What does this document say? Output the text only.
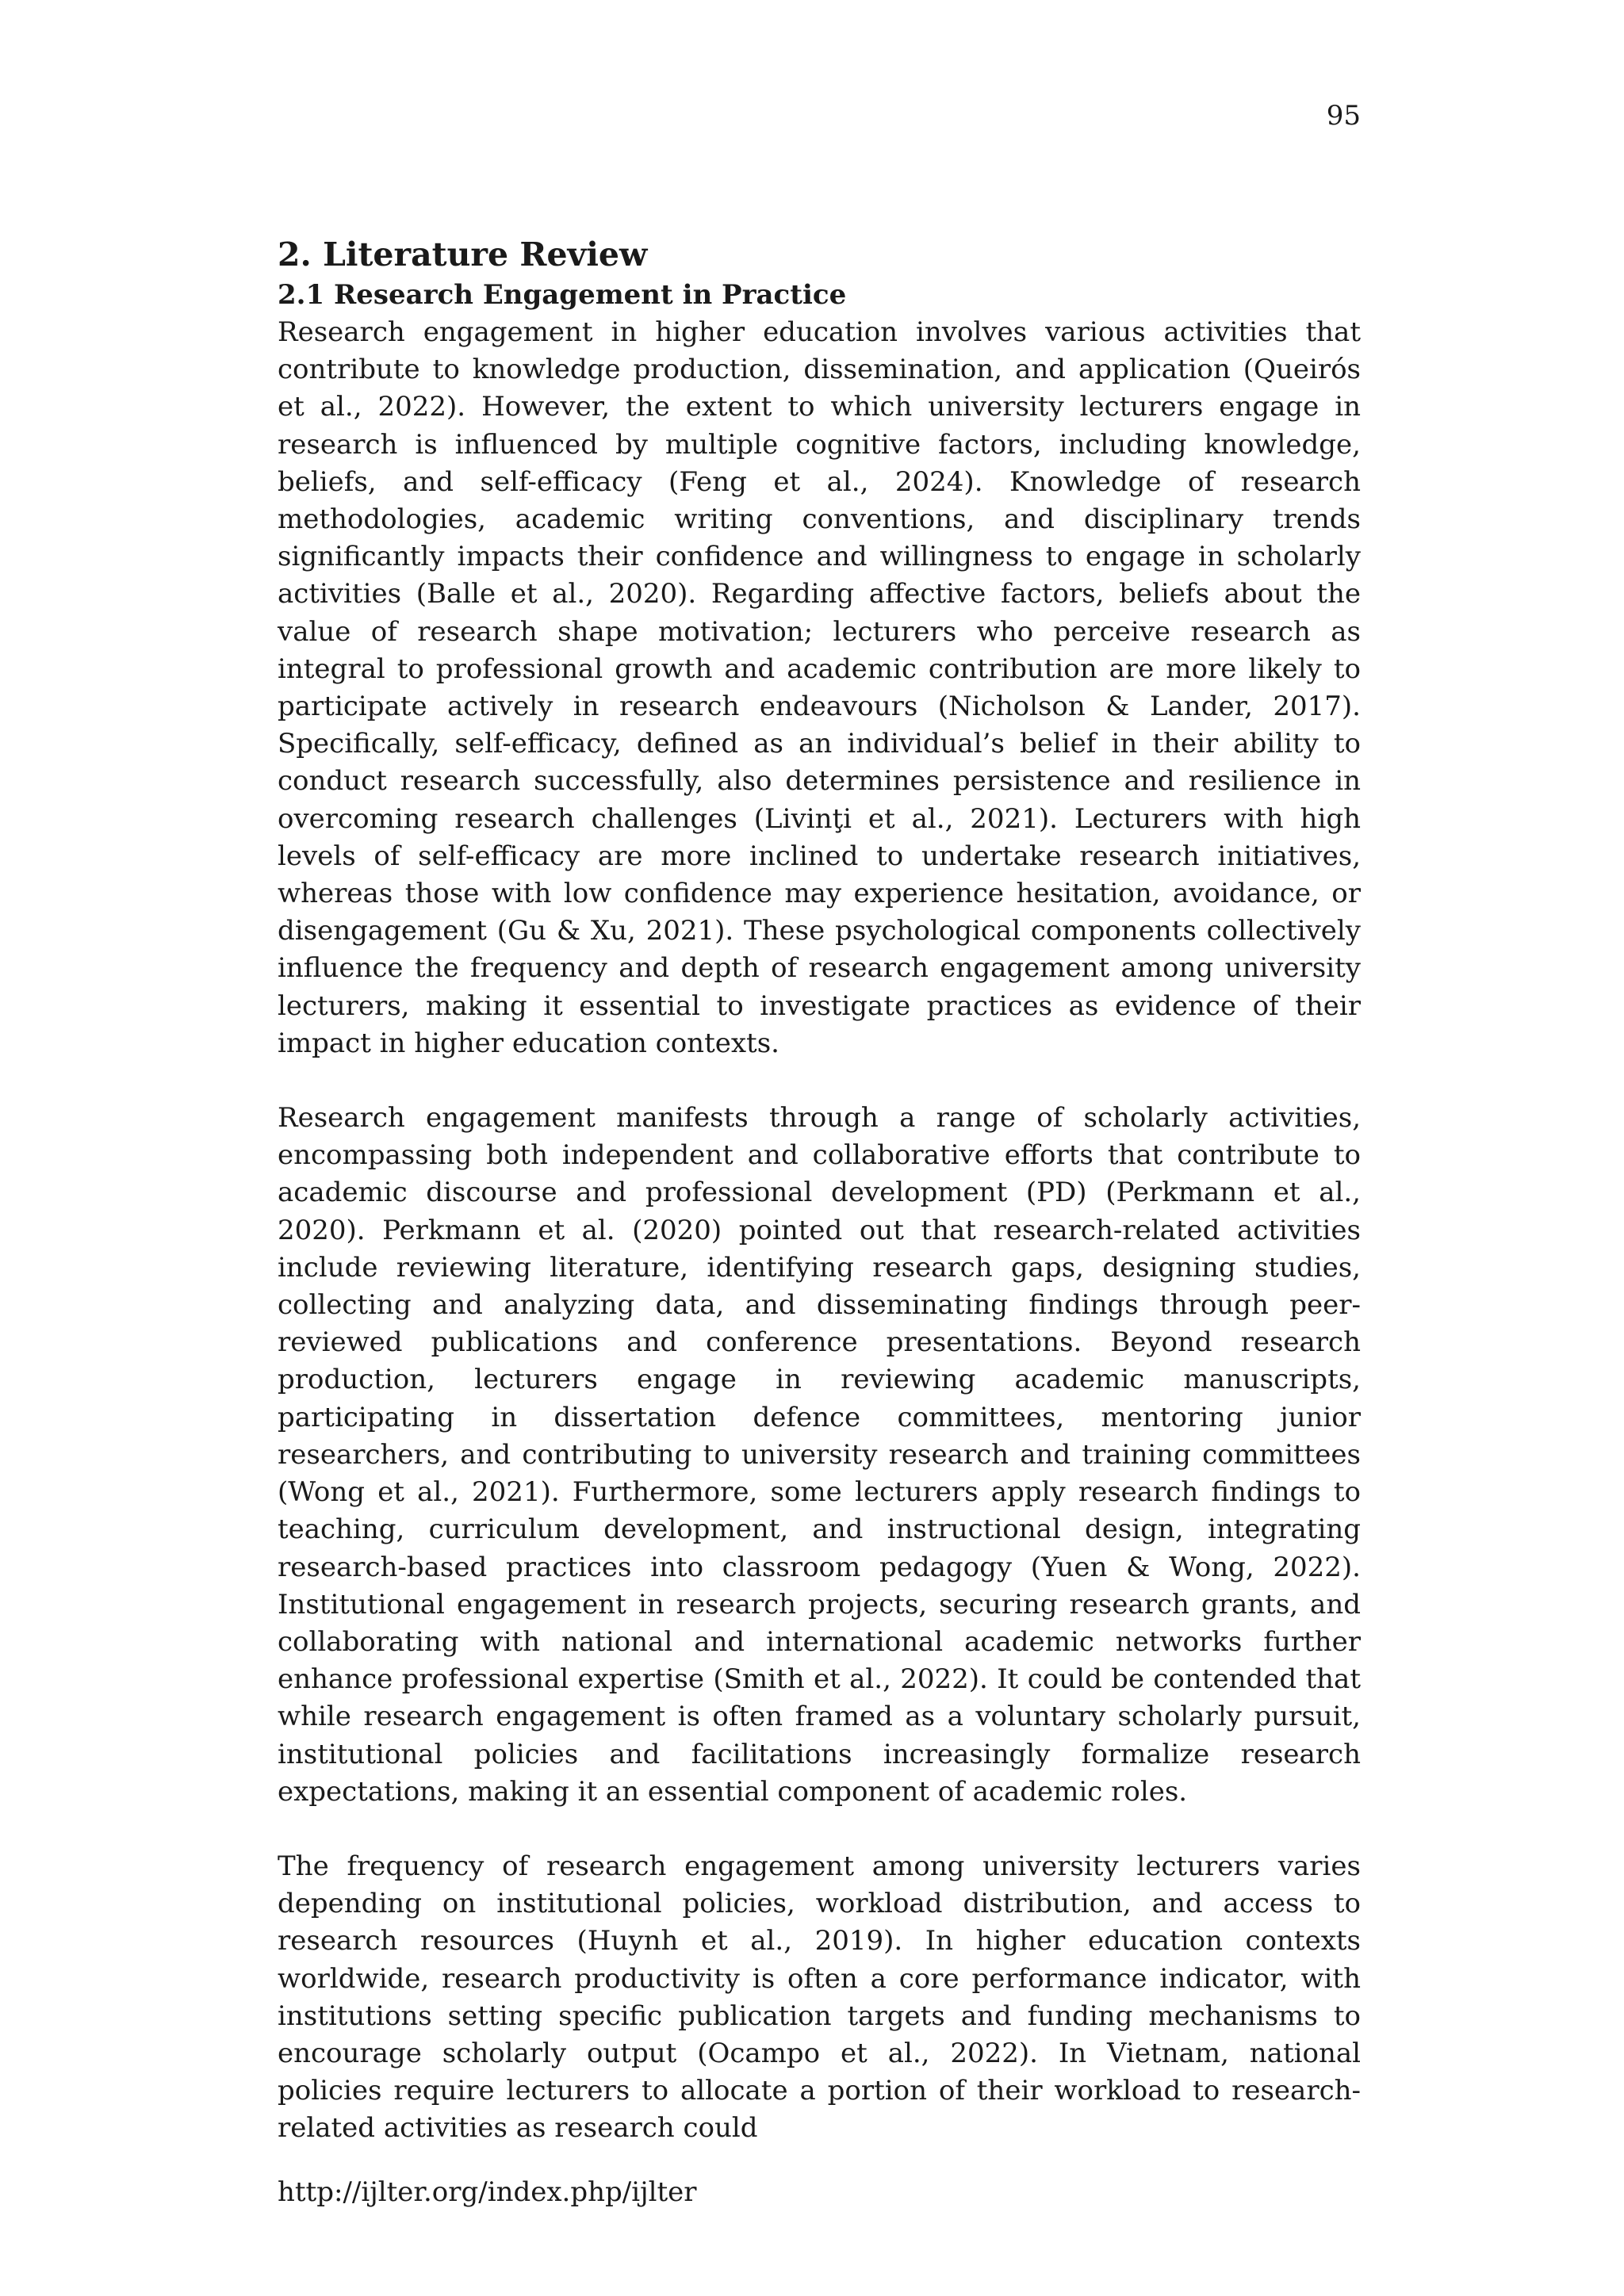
95
2. Literature Review
2.1 Research Engagement in Practice

Research engagement in higher education involves various activities that contribute to knowledge production, dissemination, and application (Queirós et al., 2022). However, the extent to which university lecturers engage in research is influenced by multiple cognitive factors, including knowledge, beliefs, and self-efficacy (Feng et al., 2024). Knowledge of research methodologies, academic writing conventions, and disciplinary trends significantly impacts their confidence and willingness to engage in scholarly activities (Balle et al., 2020). Regarding affective factors, beliefs about the value of research shape motivation; lecturers who perceive research as integral to professional growth and academic contribution are more likely to participate actively in research endeavours (Nicholson & Lander, 2017). Specifically, self-efficacy, defined as an individual’s belief in their ability to conduct research successfully, also determines persistence and resilience in overcoming research challenges (Livinţi et al., 2021). Lecturers with high levels of self-efficacy are more inclined to undertake research initiatives, whereas those with low confidence may experience hesitation, avoidance, or disengagement (Gu & Xu, 2021). These psychological components collectively influence the frequency and depth of research engagement among university lecturers, making it essential to investigate practices as evidence of their impact in higher education contexts.

Research engagement manifests through a range of scholarly activities, encompassing both independent and collaborative efforts that contribute to academic discourse and professional development (PD) (Perkmann et al., 2020). Perkmann et al. (2020) pointed out that research-related activities include reviewing literature, identifying research gaps, designing studies, collecting and analyzing data, and disseminating findings through peer-reviewed publications and conference presentations. Beyond research production, lecturers engage in reviewing academic manuscripts, participating in dissertation defence committees, mentoring junior researchers, and contributing to university research and training committees (Wong et al., 2021). Furthermore, some lecturers apply research findings to teaching, curriculum development, and instructional design, integrating research-based practices into classroom pedagogy (Yuen & Wong, 2022). Institutional engagement in research projects, securing research grants, and collaborating with national and international academic networks further enhance professional expertise (Smith et al., 2022). It could be contended that while research engagement is often framed as a voluntary scholarly pursuit, institutional policies and facilitations increasingly formalize research expectations, making it an essential component of academic roles.

The frequency of research engagement among university lecturers varies depending on institutional policies, workload distribution, and access to research resources (Huynh et al., 2019). In higher education contexts worldwide, research productivity is often a core performance indicator, with institutions setting specific publication targets and funding mechanisms to encourage scholarly output (Ocampo et al., 2022). In Vietnam, national policies require lecturers to allocate a portion of their workload to research-related activities as research could

http://ijlter.org/index.php/ijlter
